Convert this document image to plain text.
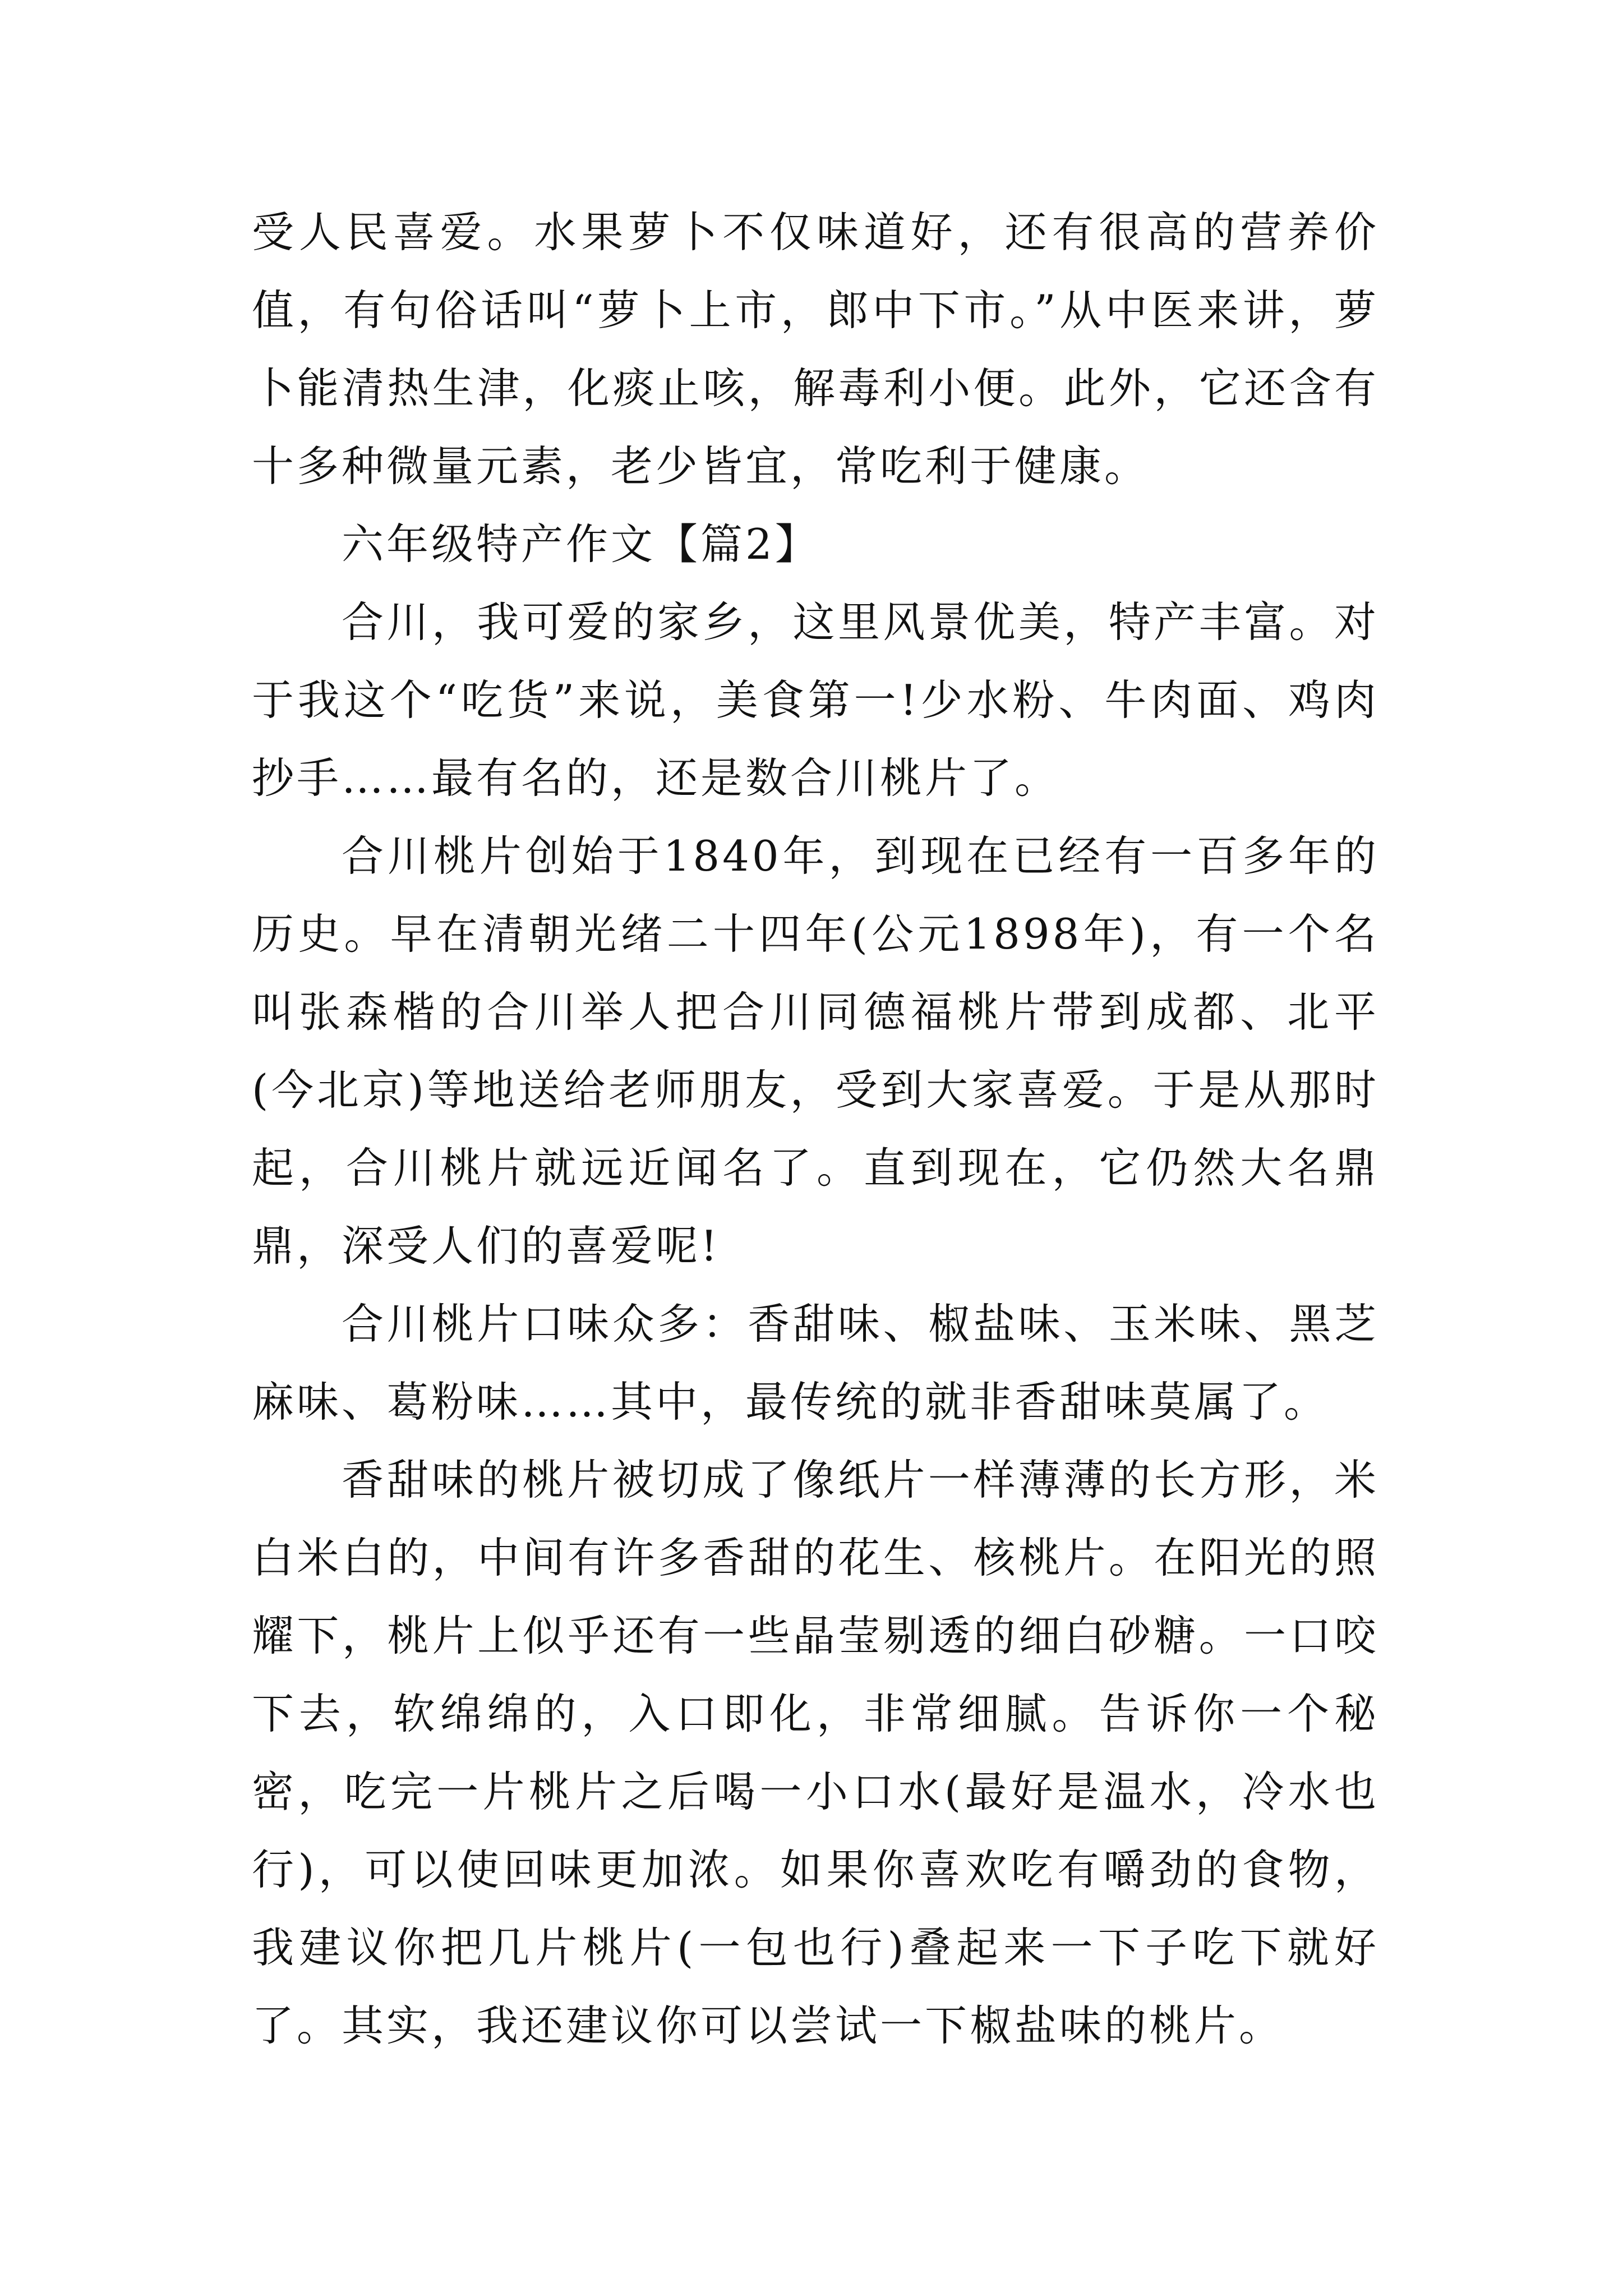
受人民喜爱。水果萝卜不仅味道好，还有很高的营养价值，有句俗话叫“萝卜上市，郎中下市。”从中医来讲，萝卜能清热生津，化痰止咳，解毒利小便。此外，它还含有十多种微量元素，老少皆宜，常吃利于健康。

六年级特产作文【篇2】

合川，我可爱的家乡，这里风景优美，特产丰富。对于我这个“吃货”来说，美食第一!少水粉、牛肉面、鸡肉抄手……最有名的，还是数合川桃片了。

合川桃片创始于1840年，到现在已经有一百多年的历史。早在清朝光绪二十四年(公元1898年)，有一个名叫张森楷的合川举人把合川同德福桃片带到成都、北平(今北京)等地送给老师朋友，受到大家喜爱。于是从那时起，合川桃片就远近闻名了。直到现在，它仍然大名鼎鼎，深受人们的喜爱呢!

合川桃片口味众多：香甜味、椒盐味、玉米味、黑芝麻味、葛粉味……其中，最传统的就非香甜味莫属了。

香甜味的桃片被切成了像纸片一样薄薄的长方形，米白米白的，中间有许多香甜的花生、核桃片。在阳光的照耀下，桃片上似乎还有一些晶莹剔透的细白砂糖。一口咬下去，软绵绵的，入口即化，非常细腻。告诉你一个秘密，吃完一片桃片之后喝一小口水(最好是温水，冷水也行)，可以使回味更加浓。如果你喜欢吃有嚼劲的食物，我建议你把几片桃片(一包也行)叠起来一下子吃下就好了。其实，我还建议你可以尝试一下椒盐味的桃片。
